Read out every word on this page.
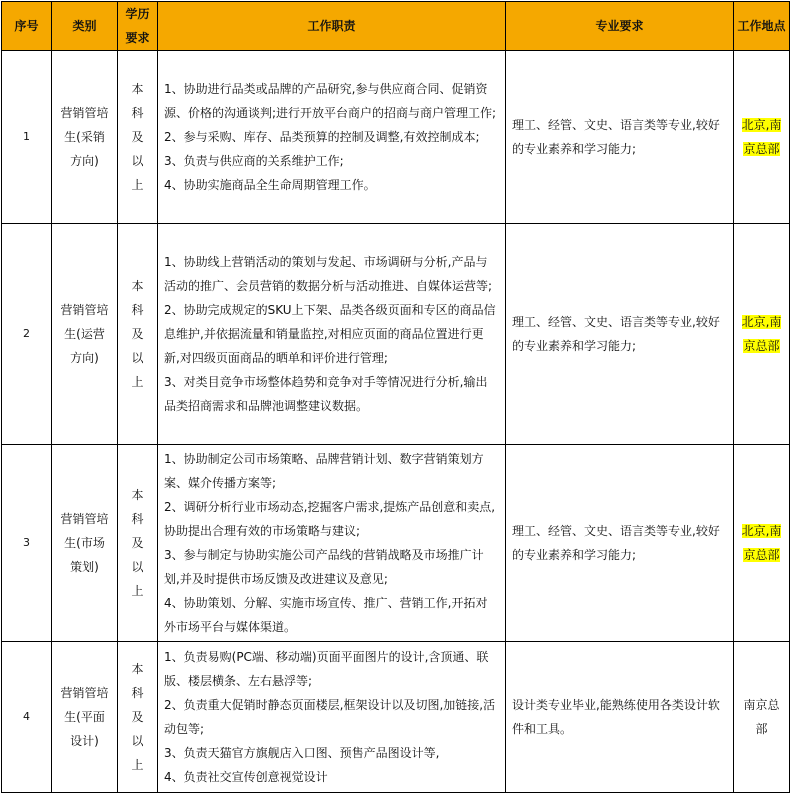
序号	类别	学历要求	工作职责	专业要求	工作地点
1	营销管培生(采销方向)	本科及以上	1、协助进行品类或品牌的产品研究,参与供应商合同、促销资源、价格的沟通谈判;进行开放平台商户的招商与商户管理工作;
2、参与采购、库存、品类预算的控制及调整,有效控制成本;
3、负责与供应商的关系维护工作;
4、协助实施商品全生命周期管理工作。	理工、经管、文史、语言类等专业,较好的专业素养和学习能力;	北京,南京总部
2	营销管培生(运营方向)	本科及以上	1、协助线上营销活动的策划与发起、市场调研与分析,产品与活动的推广、会员营销的数据分析与活动推进、自媒体运营等;
2、协助完成规定的SKU上下架、品类各级页面和专区的商品信息维护,并依据流量和销量监控,对相应页面的商品位置进行更新,对四级页面商品的晒单和评价进行管理;
3、对类目竞争市场整体趋势和竞争对手等情况进行分析,输出品类招商需求和品牌池调整建议数据。	理工、经管、文史、语言类等专业,较好的专业素养和学习能力;	北京,南京总部
3	营销管培生(市场策划)	本科及以上	1、协助制定公司市场策略、品牌营销计划、数字营销策划方案、媒介传播方案等;
2、调研分析行业市场动态,挖掘客户需求,提炼产品创意和卖点,协助提出合理有效的市场策略与建议;
3、参与制定与协助实施公司产品线的营销战略及市场推广计划,并及时提供市场反馈及改进建议及意见;
4、协助策划、分解、实施市场宣传、推广、营销工作,开拓对外市场平台与媒体渠道。	理工、经管、文史、语言类等专业,较好的专业素养和学习能力;	北京,南京总部
4	营销管培生(平面设计)	本科及以上	1、负责易购(PC端、移动端)页面平面图片的设计,含顶通、联版、楼层横条、左右悬浮等;
2、负责重大促销时静态页面楼层,框架设计以及切图,加链接,活动包等;
3、负责天猫官方旗舰店入口图、预售产品图设计等,
4、负责社交宣传创意视觉设计	设计类专业毕业,能熟练使用各类设计软件和工具。	南京总部
